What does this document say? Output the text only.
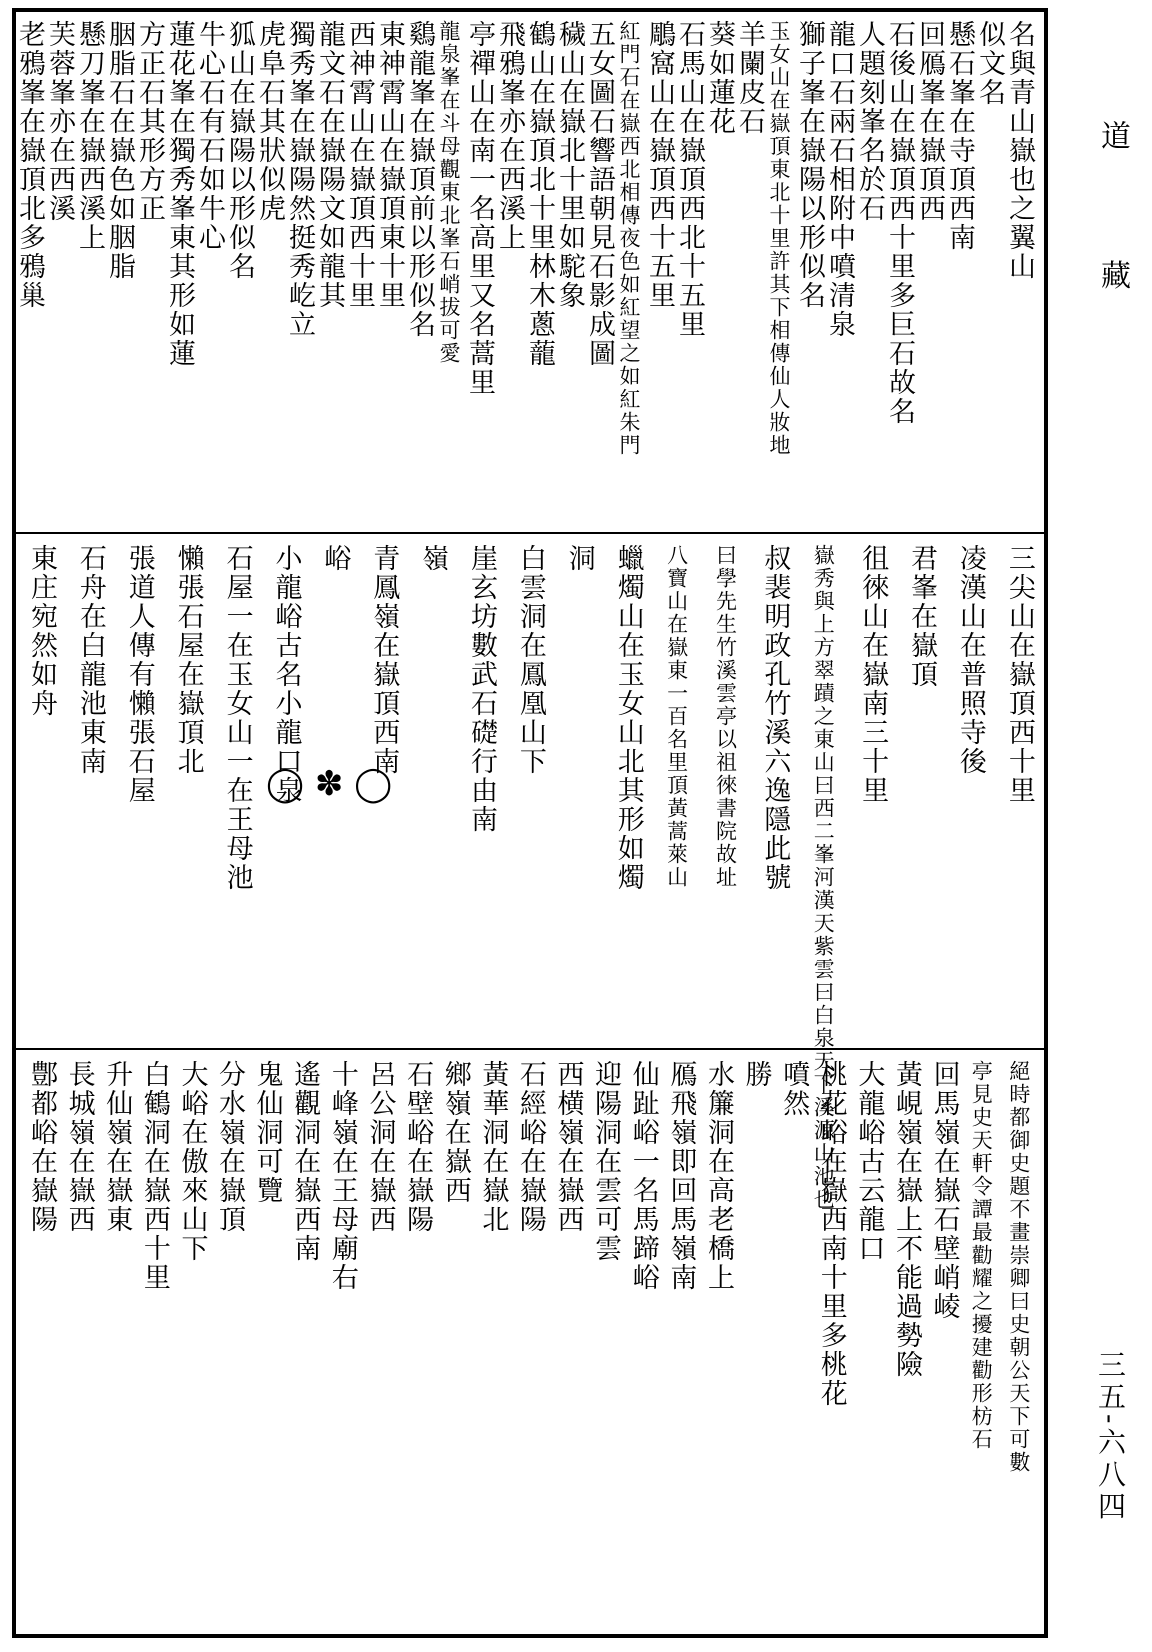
名與青山嶽也之翼山
似文名
懸石峯在寺頂西南
回鴈峯在嶽頂西
石後山在嶽頂西十里多巨石故名
人題刻峯名於石
龍口石兩石相附中噴清泉
獅子峯在嶽陽以形似名
玉女山在嶽頂東北十里許其下相傳仙人妝地
羊闌皮石
葵如蓮花
石馬山在嶽頂西北十五里
鵰窩山在嶽頂西十五里
紅門石在嶽西北相傳夜色如紅望之如紅朱門
五女圖石響語朝見石影成圖
穢山在嶽北十里如駝象
鶴山在嶽頂北十里林木蔥蘢
飛鴉峯亦在西溪上
亭禪山在南一名高里又名蒿里
龍泉峯在斗母觀東北峯石峭拔可愛
鷄龍峯在嶽頂前以形似名
東神霄山在嶽頂東十里
西神霄山在嶽頂西十里
龍文石在嶽陽文如龍其
獨秀峯在嶽陽然挺秀屹立
虎阜石其狀似虎
狐山在嶽陽以形似名
牛心石有石如牛心
蓮花峯在獨秀峯東其形如蓮
方正石其形方正
胭脂石在嶽色如胭脂
懸刀峯在嶽西溪上
芙蓉峯亦在西溪
老鴉峯在嶽頂北多鴉巢
三尖山在嶽頂西十里
凌漢山在普照寺後
君峯在嶽頂
徂徠山在嶽南三十里
嶽秀與上方翠蹟之東山曰西二峯河漢天紫雲曰白泉天下溪源山池也
叔裴明政孔竹溪六逸隱此號
曰學先生竹溪雲亭以祖徠書院故址
八寶山在嶽東一百名里頂黃蒿萊山
蠟燭山在玉女山北其形如燭
洞
白雲洞在鳳凰山下
崖玄坊數武石礎行由南
嶺
青鳳嶺在嶽頂西南
峪
小龍峪古名小龍口泉
石屋一在玉女山一在王母池
懶張石屋在嶽頂北
張道人傳有懶張石屋
石舟在白龍池東南
東庄宛然如舟
◯ ✽ ◯
絕時都御史題不畫崇卿曰史朝公天下可數
亭見史天軒令譚最勸耀之擾建勸形枋石
回馬嶺在嶽石壁峭崚
黃峴嶺在嶽上不能過勢險
大龍峪古云龍口
桃花峪在嶽西南十里多桃花
噴然
勝
水簾洞在高老橋上
鴈飛嶺即回馬嶺南
仙趾峪一名馬蹄峪
迎陽洞在雲可雲
西横嶺在嶽西
石經峪在嶽陽
黃華洞在嶽北
鄉嶺在嶽西
石壁峪在嶽陽
呂公洞在嶽西
十峰嶺在王母廟右
遙觀洞在嶽西南
鬼仙洞可覽
分水嶺在嶽頂
大峪在傲來山下
白鶴洞在嶽西十里
升仙嶺在嶽東
長城嶺在嶽西
鄷都峪在嶽陽
道 藏
三五-六八四
